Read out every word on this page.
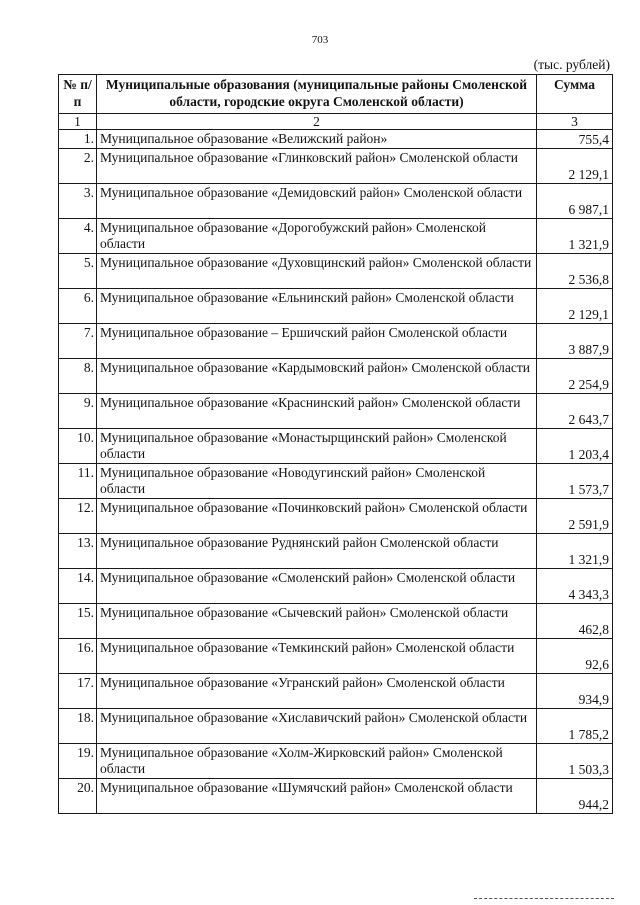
703
(тыс. рублей)
№ п/п	Муниципальные образования (муниципальные районы Смоленской области, городские округа Смоленской области)	Сумма
1	2	3
1.	Муниципальное образование «Велижский район»	755,4
2.	Муниципальное образование «Глинковский район» Смоленской области	2 129,1
3.	Муниципальное образование «Демидовский район» Смоленской области	6 987,1
4.	Муниципальное образование «Дорогобужский район» Смоленской области	1 321,9
5.	Муниципальное образование «Духовщинский район» Смоленской области	2 536,8
6.	Муниципальное образование «Ельнинский район» Смоленской области	2 129,1
7.	Муниципальное образование – Ершичский район Смоленской области	3 887,9
8.	Муниципальное образование «Кардымовский район» Смоленской области	2 254,9
9.	Муниципальное образование «Краснинский район» Смоленской области	2 643,7
10.	Муниципальное образование «Монастырщинский район» Смоленской области	1 203,4
11.	Муниципальное образование «Новодугинский район» Смоленской области	1 573,7
12.	Муниципальное образование «Починковский район» Смоленской области	2 591,9
13.	Муниципальное образование Руднянский район Смоленской области	1 321,9
14.	Муниципальное образование «Смоленский район» Смоленской области	4 343,3
15.	Муниципальное образование «Сычевский район» Смоленской области	462,8
16.	Муниципальное образование «Темкинский район» Смоленской области	92,6
17.	Муниципальное образование «Угранский район» Смоленской области	934,9
18.	Муниципальное образование «Хиславичский район» Смоленской области	1 785,2
19.	Муниципальное образование «Холм-Жирковский район» Смоленской области	1 503,3
20.	Муниципальное образование «Шумячский район» Смоленской области	944,2
